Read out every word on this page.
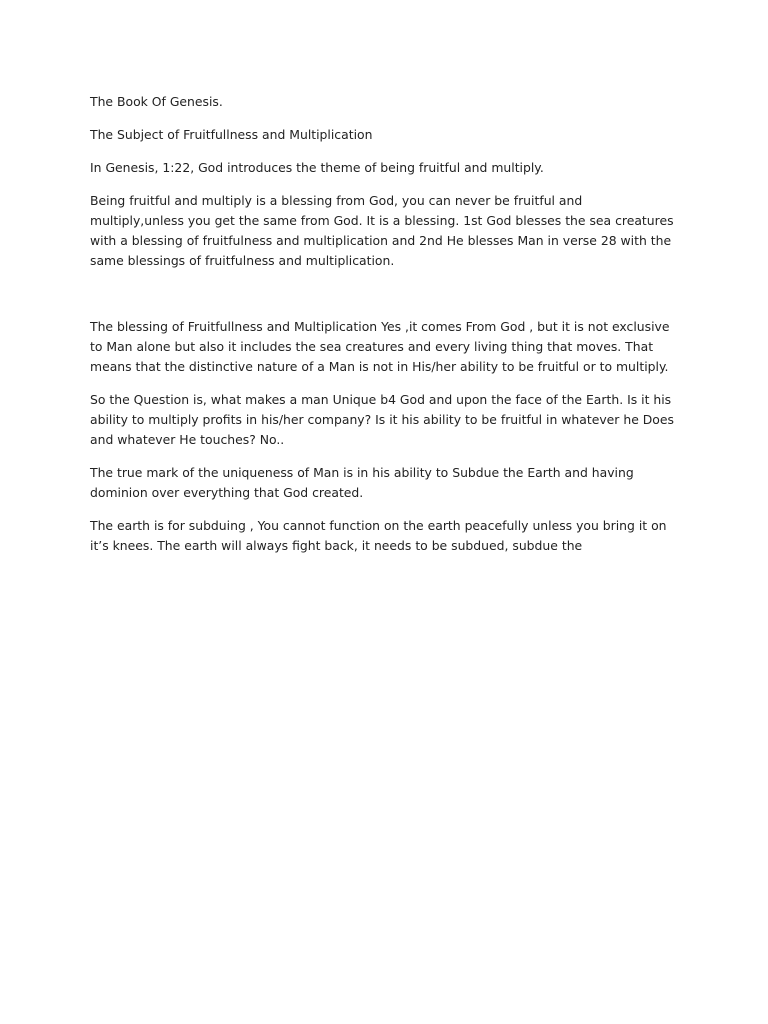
The Book Of Genesis.

The Subject of Fruitfullness and Multiplication

In Genesis, 1:22, God introduces the theme of being fruitful and multiply.

Being fruitful and multiply is a blessing from God, you can never be fruitful and multiply,unless you get the same from God. It is a blessing. 1st God blesses the sea creatures with a blessing of fruitfulness and multiplication and 2nd He blesses Man in verse 28 with the same blessings of fruitfulness and multiplication.

The blessing of Fruitfullness and Multiplication Yes ,it comes From God , but it is not exclusive to Man alone but also it includes the sea creatures and every living thing that moves. That means that the distinctive nature of a Man is not in His/her ability to be fruitful or to multiply.

So the Question is, what makes a man Unique b4 God and upon the face of the Earth. Is it his ability to multiply profits in his/her company? Is it his ability to be fruitful in whatever he Does and whatever He touches? No..

The true mark of the uniqueness of Man is in his ability to Subdue the Earth and having dominion over everything that God created.

The earth is for subduing , You cannot function on the earth peacefully unless you bring it on it’s knees. The earth will always fight back, it needs to be subdued, subdue the
